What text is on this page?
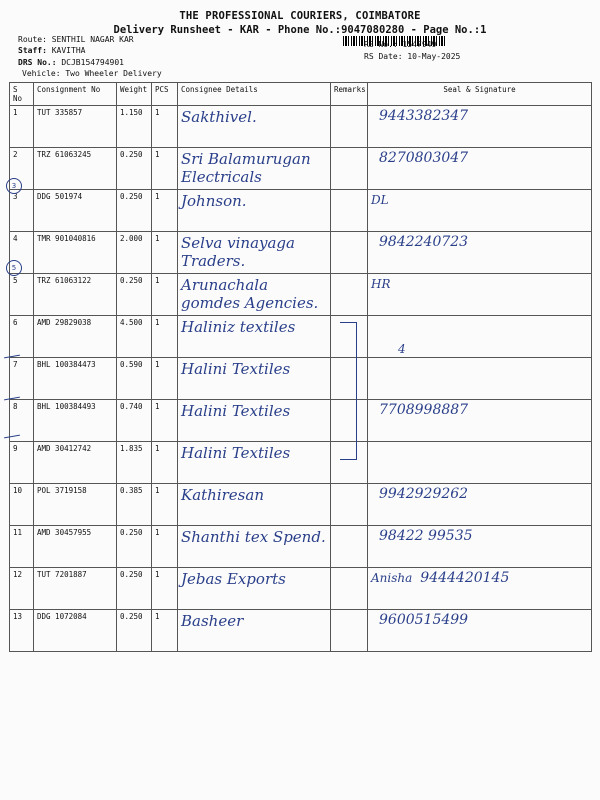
THE PROFESSIONAL COURIERS, COIMBATORE
Delivery Runsheet - KAR - Phone No.:9047080280 - Page No.:1
Route: SENTHIL NAGAR KAR
Staff: KAVITHA
DRS No.: DCJB154794901
Vehicle: Two Wheeler Delivery
RS No.: 1547949
RS Date: 10-May-2025
S No	Consignment No	Weight	PCS	Consignee Details	Remarks	Seal & Signature
1	TUT 335857	1.150	1	Sakthivel.		9443382347
2	TRZ 61063245	0.250	1	Sri Balamurugan Electricals		8270803047
3	DDG 501974	0.250	1	Johnson.		DL
4	TMR 901040816	2.000	1	Selva vinayaga Traders.		9842240723
5	TRZ 61063122	0.250	1	Arunachala gomdes Agencies.		HR
6	AMD 29829038	4.500	1	Haliniz textiles		
7	BHL 100384473	0.590	1	Halini Textiles		
8	BHL 100384493	0.740	1	Halini Textiles		7708998887
9	AMD 30412742	1.835	1	Halini Textiles		
10	POL 3719158	0.385	1	Kathiresan		9942929262
11	AMD 30457955	0.250	1	Shanthi tex Spend.		98422 99535
12	TUT 7201887	0.250	1	Jebas Exports		Anisha 9444420145
13	DDG 1072084	0.250	1	Basheer		9600515499
3
5
4
